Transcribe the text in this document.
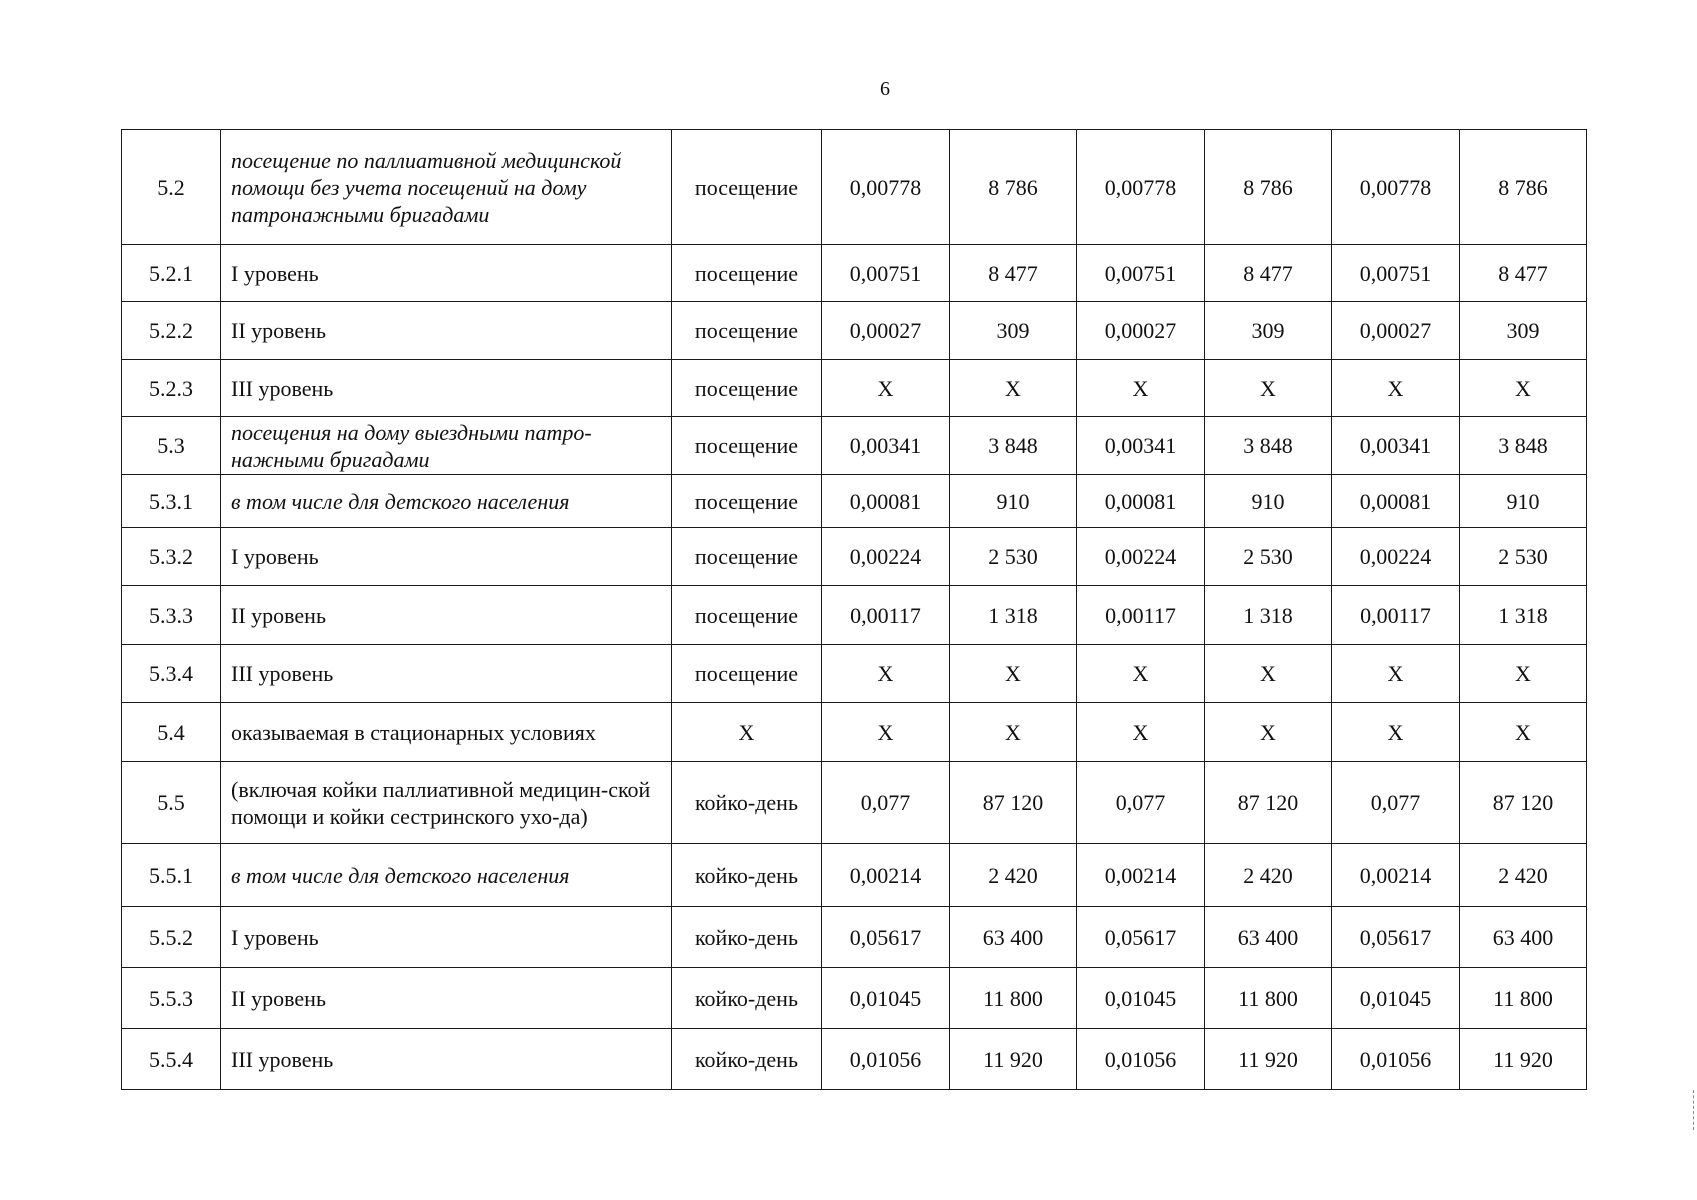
6
5.2	посещение по паллиативной медицинской помощи без учета посещений на дому патронажными бригадами	посещение	0,00778	8 786	0,00778	8 786	0,00778	8 786
5.2.1	I уровень	посещение	0,00751	8 477	0,00751	8 477	0,00751	8 477
5.2.2	II уровень	посещение	0,00027	309	0,00027	309	0,00027	309
5.2.3	III уровень	посещение	X	X	X	X	X	X
5.3	посещения на дому выездными патро-нажными бригадами	посещение	0,00341	3 848	0,00341	3 848	0,00341	3 848
5.3.1	в том числе для детского населения	посещение	0,00081	910	0,00081	910	0,00081	910
5.3.2	I уровень	посещение	0,00224	2 530	0,00224	2 530	0,00224	2 530
5.3.3	II уровень	посещение	0,00117	1 318	0,00117	1 318	0,00117	1 318
5.3.4	III уровень	посещение	X	X	X	X	X	X
5.4	оказываемая в стационарных условиях	X	X	X	X	X	X	X
5.5	(включая койки паллиативной медицин-ской помощи и койки сестринского ухо-да)	койко-день	0,077	87 120	0,077	87 120	0,077	87 120
5.5.1	в том числе для детского населения	койко-день	0,00214	2 420	0,00214	2 420	0,00214	2 420
5.5.2	I уровень	койко-день	0,05617	63 400	0,05617	63 400	0,05617	63 400
5.5.3	II уровень	койко-день	0,01045	11 800	0,01045	11 800	0,01045	11 800
5.5.4	III уровень	койко-день	0,01056	11 920	0,01056	11 920	0,01056	11 920
